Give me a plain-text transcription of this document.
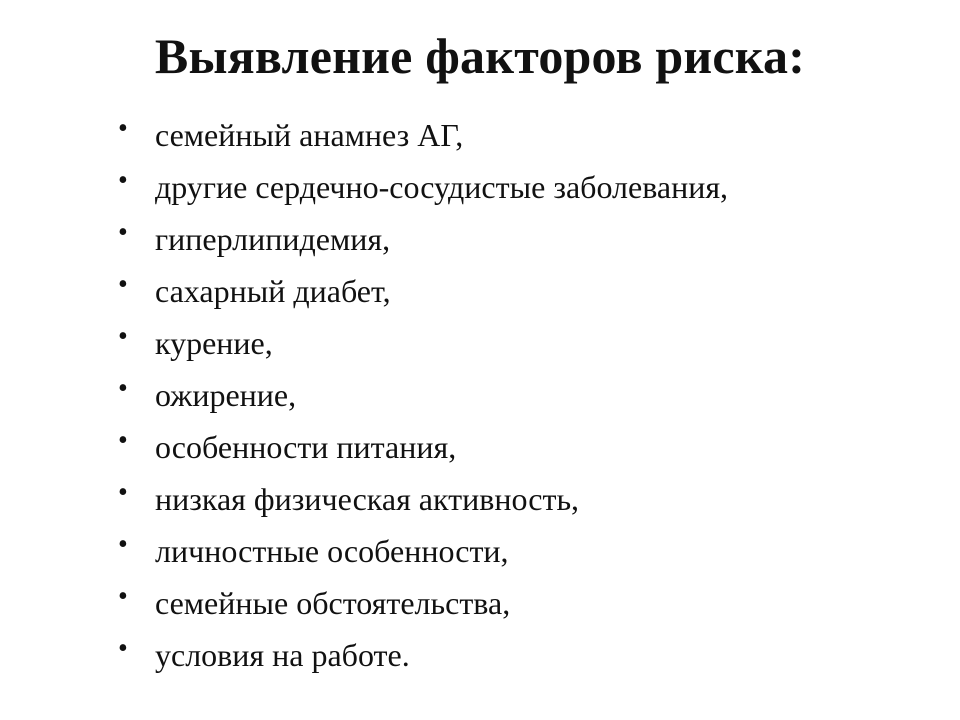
Выявление факторов риска:
• семейный анамнез АГ,
• другие сердечно-сосудистые заболевания,
• гиперлипидемия,
• сахарный диабет,
• курение,
• ожирение,
• особенности питания,
• низкая физическая активность,
• личностные особенности,
• семейные обстоятельства,
• условия на работе.
